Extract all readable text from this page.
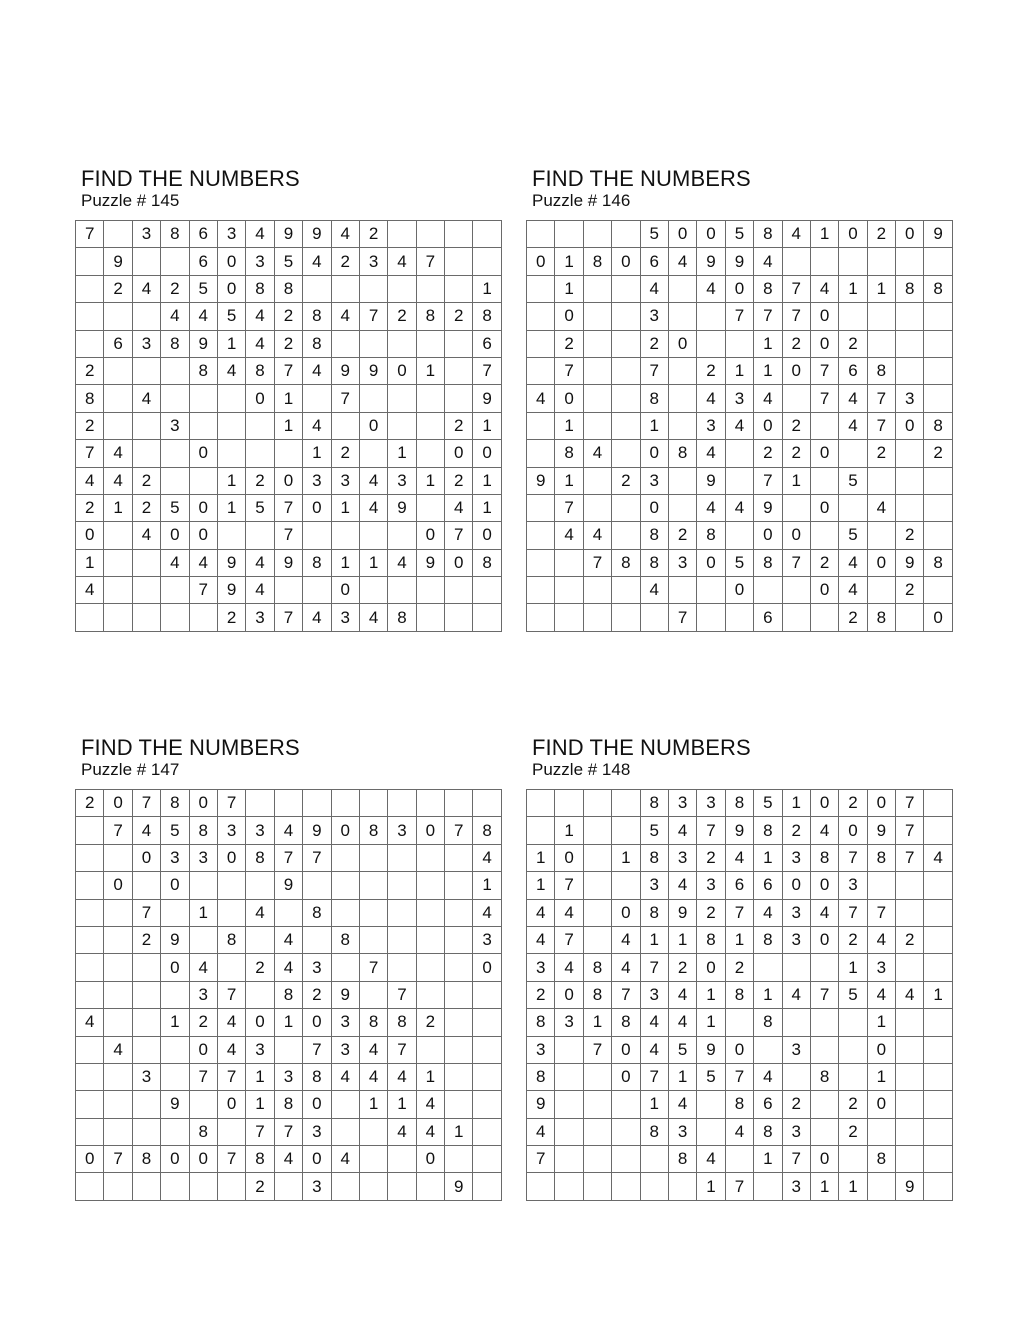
FIND THE NUMBERS
Puzzle # 145
7		3	8	6	3	4	9	9	4	2				
	9			6	0	3	5	4	2	3	4	7		
	2	4	2	5	0	8	8							1
			4	4	5	4	2	8	4	7	2	8	2	8
	6	3	8	9	1	4	2	8						6
2				8	4	8	7	4	9	9	0	1		7
8		4				0	1		7					9
2			3				1	4		0			2	1
7	4			0				1	2		1		0	0
4	4	2			1	2	0	3	3	4	3	1	2	1
2	1	2	5	0	1	5	7	0	1	4	9		4	1
0		4	0	0			7					0	7	0
1			4	4	9	4	9	8	1	1	4	9	0	8
4				7	9	4			0					
					2	3	7	4	3	4	8			
FIND THE NUMBERS
Puzzle # 146
				5	0	0	5	8	4	1	0	2	0	9
0	1	8	0	6	4	9	9	4						
	1			4		4	0	8	7	4	1	1	8	8
	0			3			7	7	7	0				
	2			2	0			1	2	0	2			
	7			7		2	1	1	0	7	6	8		
4	0			8		4	3	4		7	4	7	3	
	1			1		3	4	0	2		4	7	0	8
	8	4		0	8	4		2	2	0		2		2
9	1		2	3		9		7	1		5			
	7			0		4	4	9		0		4		
	4	4		8	2	8		0	0		5		2	
		7	8	8	3	0	5	8	7	2	4	0	9	8
				4			0			0	4		2	
					7			6			2	8		0
FIND THE NUMBERS
Puzzle # 147
2	0	7	8	0	7									
	7	4	5	8	3	3	4	9	0	8	3	0	7	8
		0	3	3	0	8	7	7						4
	0		0				9							1
		7		1		4		8						4
		2	9		8		4		8					3
			0	4		2	4	3		7				0
				3	7		8	2	9		7			
4			1	2	4	0	1	0	3	8	8	2		
	4			0	4	3		7	3	4	7			
		3		7	7	1	3	8	4	4	4	1		
			9		0	1	8	0		1	1	4		
				8		7	7	3			4	4	1	
0	7	8	0	0	7	8	4	0	4			0		
						2		3					9	
FIND THE NUMBERS
Puzzle # 148
				8	3	3	8	5	1	0	2	0	7	
	1			5	4	7	9	8	2	4	0	9	7	
1	0		1	8	3	2	4	1	3	8	7	8	7	4
1	7			3	4	3	6	6	0	0	3			
4	4		0	8	9	2	7	4	3	4	7	7		
4	7		4	1	1	8	1	8	3	0	2	4	2	
3	4	8	4	7	2	0	2				1	3		
2	0	8	7	3	4	1	8	1	4	7	5	4	4	1
8	3	1	8	4	4	1		8				1		
3		7	0	4	5	9	0		3			0		
8			0	7	1	5	7	4		8		1		
9				1	4		8	6	2		2	0		
4				8	3		4	8	3		2			
7					8	4		1	7	0		8		
						1	7		3	1	1		9	
